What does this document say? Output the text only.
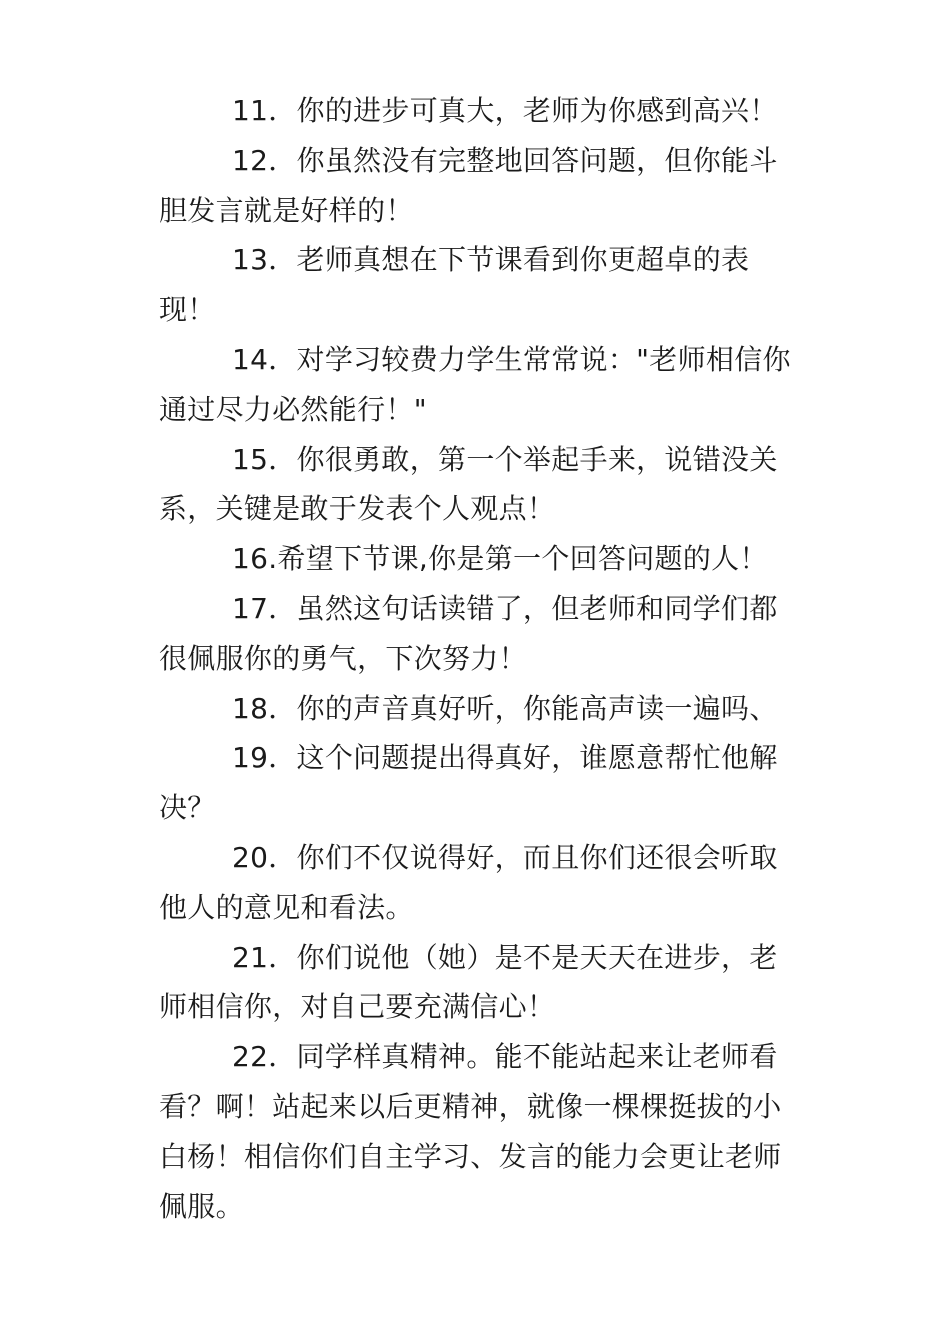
11．你的进步可真大，老师为你感到高兴！

12．你虽然没有完整地回答问题，但你能斗胆发言就是好样的！

13．老师真想在下节课看到你更超卓的表现！

14．对学习较费力学生常常说："老师相信你通过尽力必然能行！"

15．你很勇敢，第一个举起手来，说错没关系，关键是敢于发表个人观点！

16.希望下节课,你是第一个回答问题的人！

17．虽然这句话读错了，但老师和同学们都很佩服你的勇气，下次努力！

18．你的声音真好听，你能高声读一遍吗、

19．这个问题提出得真好，谁愿意帮忙他解决？

20．你们不仅说得好，而且你们还很会听取他人的意见和看法。

21．你们说他（她）是不是天天在进步，老师相信你，对自己要充满信心！

22．同学样真精神。能不能站起来让老师看看？啊！站起来以后更精神，就像一棵棵挺拔的小白杨！相信你们自主学习、发言的能力会更让老师佩服。
